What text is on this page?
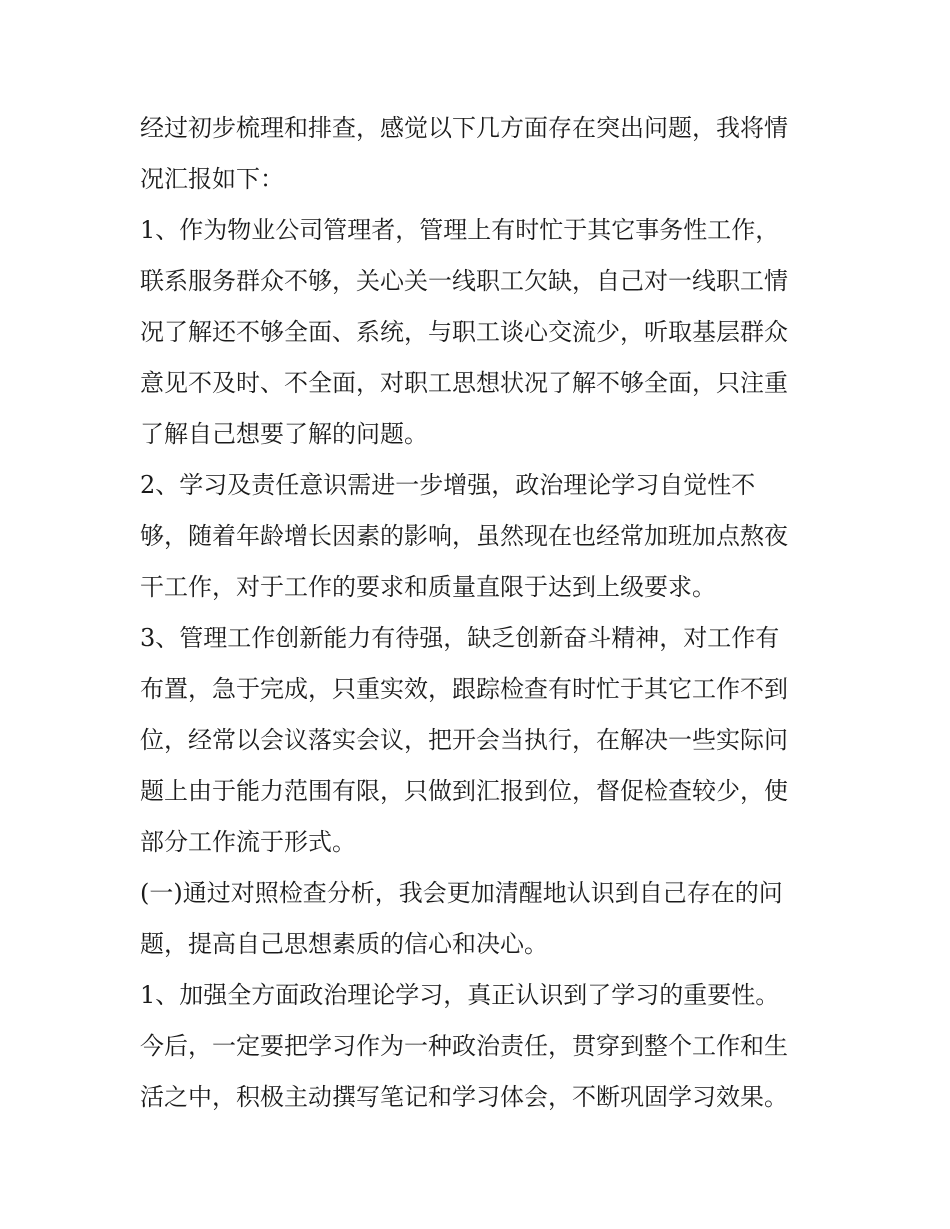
经过初步梳理和排查，感觉以下几方面存在突出问题，我将情
况汇报如下：
1、作为物业公司管理者，管理上有时忙于其它事务性工作，
联系服务群众不够，关心关一线职工欠缺，自己对一线职工情
况了解还不够全面、系统，与职工谈心交流少，听取基层群众
意见不及时、不全面，对职工思想状况了解不够全面，只注重
了解自己想要了解的问题。
2、学习及责任意识需进一步增强，政治理论学习自觉性不
够，随着年龄增长因素的影响，虽然现在也经常加班加点熬夜
干工作，对于工作的要求和质量直限于达到上级要求。
3、管理工作创新能力有待强，缺乏创新奋斗精神，对工作有
布置，急于完成，只重实效，跟踪检查有时忙于其它工作不到
位，经常以会议落实会议，把开会当执行，在解决一些实际问
题上由于能力范围有限，只做到汇报到位，督促检查较少，使
部分工作流于形式。
(一)通过对照检查分析，我会更加清醒地认识到自己存在的问
题，提高自己思想素质的信心和决心。
1、加强全方面政治理论学习，真正认识到了学习的重要性。
今后，一定要把学习作为一种政治责任，贯穿到整个工作和生
活之中，积极主动撰写笔记和学习体会，不断巩固学习效果。
